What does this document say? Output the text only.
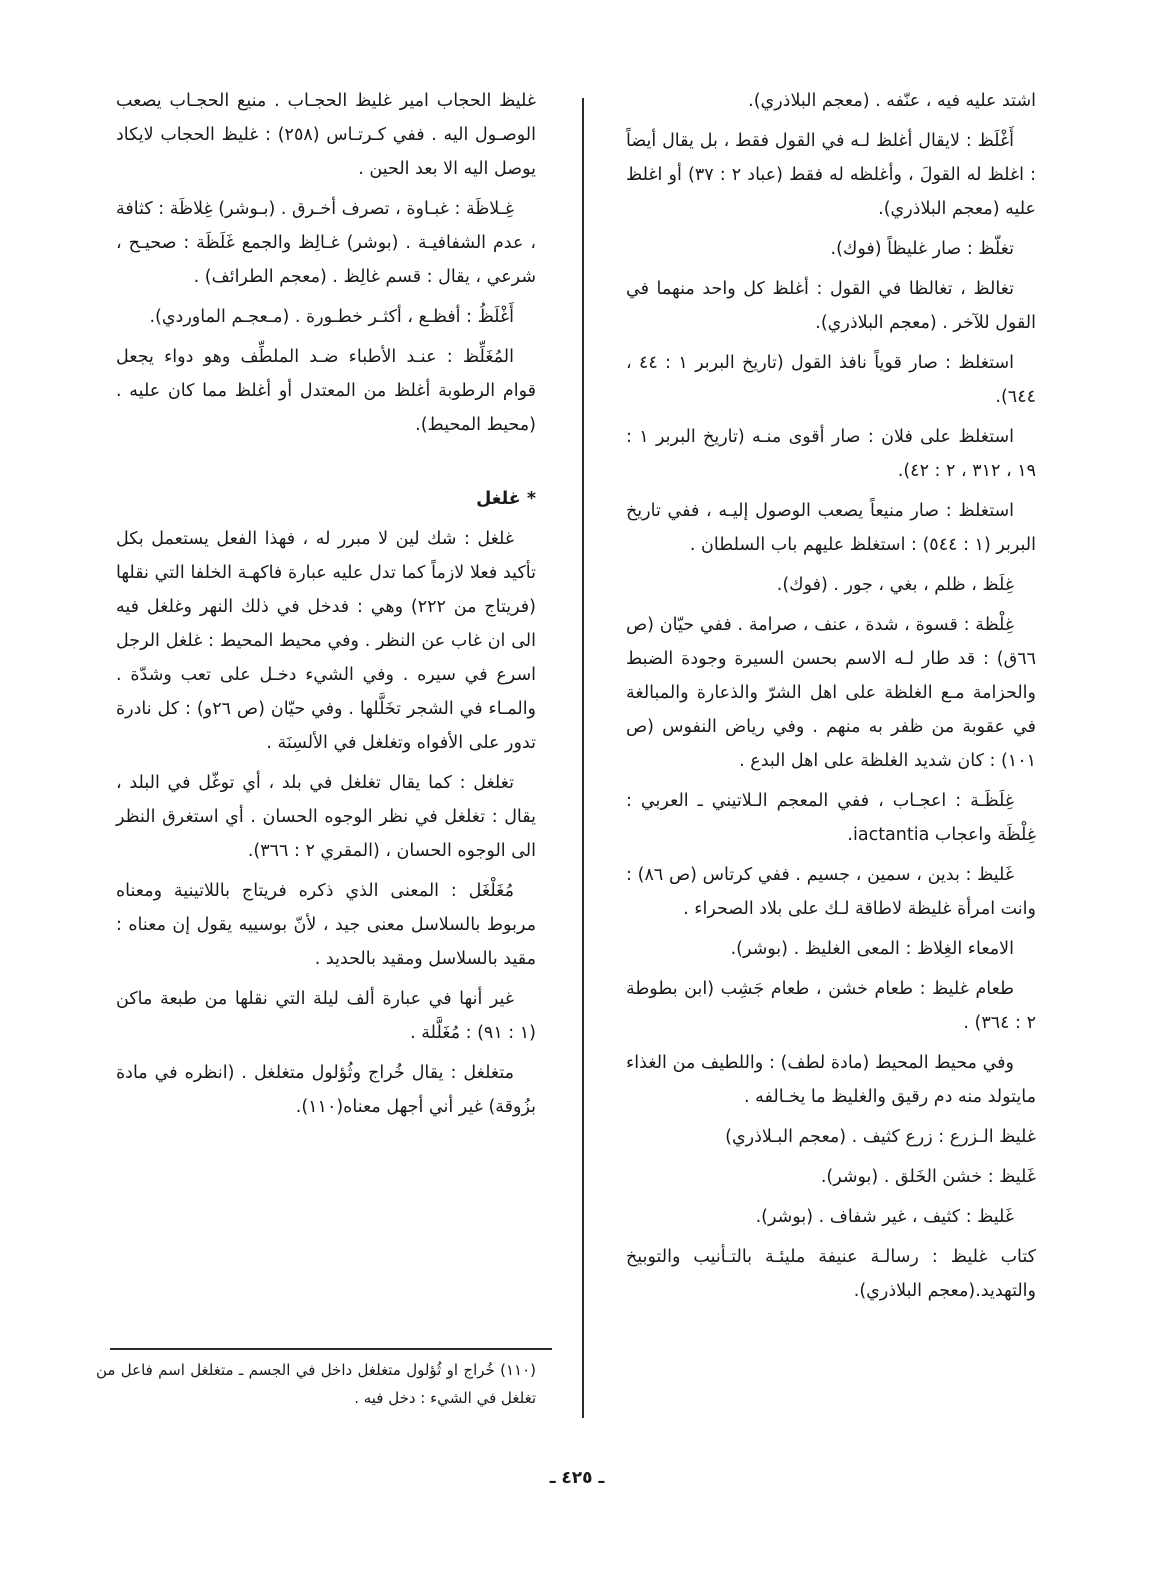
اشتد عليه فيه ، عنّفه . (معجم البلاذري).

أَغْلَظ : لايقال أغلظ لـه في القول فقط ، بل يقال أيضاً : اغلظ له القولَ ، وأغلظه له فقط (عباد ٢ : ٣٧) أو اغلظ عليه (معجم البلاذري).

تغلّظ : صار غليظاً (فوك).

تغالظ ، تغالظا في القول : أغلظ كل واحد منهما في القول للآخر . (معجم البلاذري).

استغلظ : صار قوياً نافذ القول (تاريخ البربر ١ : ٤٤ ، ٦٤٤).

استغلظ على فلان : صار أقوى منـه (تاريخ البربر ١ : ١٩ ، ٣١٢ ، ٢ : ٤٢).

استغلظ : صار منيعاً يصعب الوصول إليـه ، ففي تاريخ البربر (١ : ٥٤٤) : استغلظ عليهم باب السلطان .

غِلَظ ، ظلم ، بغي ، جور . (فوك).

غِلْظة : قسوة ، شدة ، عنف ، صرامة . ففي حيّان (ص ٦٦ق) : قد طار لـه الاسم بحسن السيرة وجودة الضبط والحزامة مـع الغلظة على اهل الشرّ والذعارة والمبالغة في عقوبة من ظفر به منهم . وفي رياض النفوس (ص ١٠١) : كان شديد الغلظة على اهل البدع .

غِلَظَـة : اعجـاب ، ففي المعجم الـلاتيني ـ العربي : غِلْظَة واعجاب iactantia.

غَليظ : بدين ، سمين ، جسيم . ففي كرتاس (ص ٨٦) : وانت امرأة غليظة لاطاقة لـك على بلاد الصحراء .

الامعاء الغِلاظ : المعى الغليظ . (بوشر).

طعام غليظ : طعام خشن ، طعام جَشِب (ابن بطوطة ٢ : ٣٦٤) .

وفي محيط المحيط (مادة لطف) : واللطيف من الغذاء مايتولد منه دم رقيق والغليظ ما يخـالفه .

غليظ الـزرع : زرع كثيف . (معجم البـلاذري)

غَليظ : خشن الخَلق . (بوشر).

غَليظ : كثيف ، غير شفاف . (بوشر).

كتاب غليظ : رسالـة عنيفة مليئـة بالتـأنيب والتوبيخ والتهديد.(معجم البلاذري).

غليظ الحجاب امير غليظ الحجـاب . منيع الحجـاب يصعب الوصـول اليه . ففي كـرتـاس (٢٥٨) : غليظ الحجاب لايكاد يوصل اليه الا بعد الحين .

غِـلاظَة : غبـاوة ، تصرف أخـرق . (بـوشر) غِلاظَة : كثافة ، عدم الشفافيـة . (بوشر) غـالِظ والجمع غَلَظَة : صحيـح ، شرعي ، يقال : قسم غالِظ . (معجم الطرائف) .

أَغْلَظُ : أفظـع ، أكثـر خطـورة . (مـعجـم الماوردي).

المُغَلِّظ : عنـد الأطباء ضـد الملطِّف وهو دواء يجعل قوام الرطوبة أغلظ من المعتدل أو أغلظ مما كان عليه . (محيط المحيط).

* غلغل

غلغل : شك لين لا مبرر له ، فهذا الفعل يستعمل بكل تأكيد فعلا لازماً كما تدل عليه عبارة فاكهـة الخلفا التي نقلها (فريتاج من ٢٢٢) وهي : فدخل في ذلك النهر وغلغل فيه الى ان غاب عن النظر . وفي محيط المحيط : غلغل الرجل اسرع في سيره . وفي الشيء دخـل على تعب وشدّة . والمـاء في الشجر تخَلَّلها . وفي حيّان (ص ٢٦و) : كل نادرة تدور على الأفواه وتغلغل في الألسِنَة .

تغلغل : كما يقال تغلغل في بلد ، أي توغّل في البلد ، يقال : تغلغل في نظر الوجوه الحسان . أي استغرق النظر الى الوجوه الحسان ، (المقري ٢ : ٣٦٦).

مُغَلْغَل : المعنى الذي ذكره فريتاج باللاتينية ومعناه مربوط بالسلاسل معنى جيد ، لأنّ بوسييه يقول إن معناه : مقيد بالسلاسل ومقيد بالحديد .

غير أنها في عبارة ألف ليلة التي نقلها من طبعة ماكن (١ : ٩١) : مُغَلَّلة .

متغلغل : يقال خُراج وثُؤلول متغلغل . (انظره في مادة بزُوقة) غير أني أجهل معناه(١١٠).

(١١٠) خُراج او ثُؤلول متغلغل داخل في الجسم ـ متغلغل اسم فاعل من تغلغل في الشيء : دخل فيه .

ـ ٤٢٥ ـ
